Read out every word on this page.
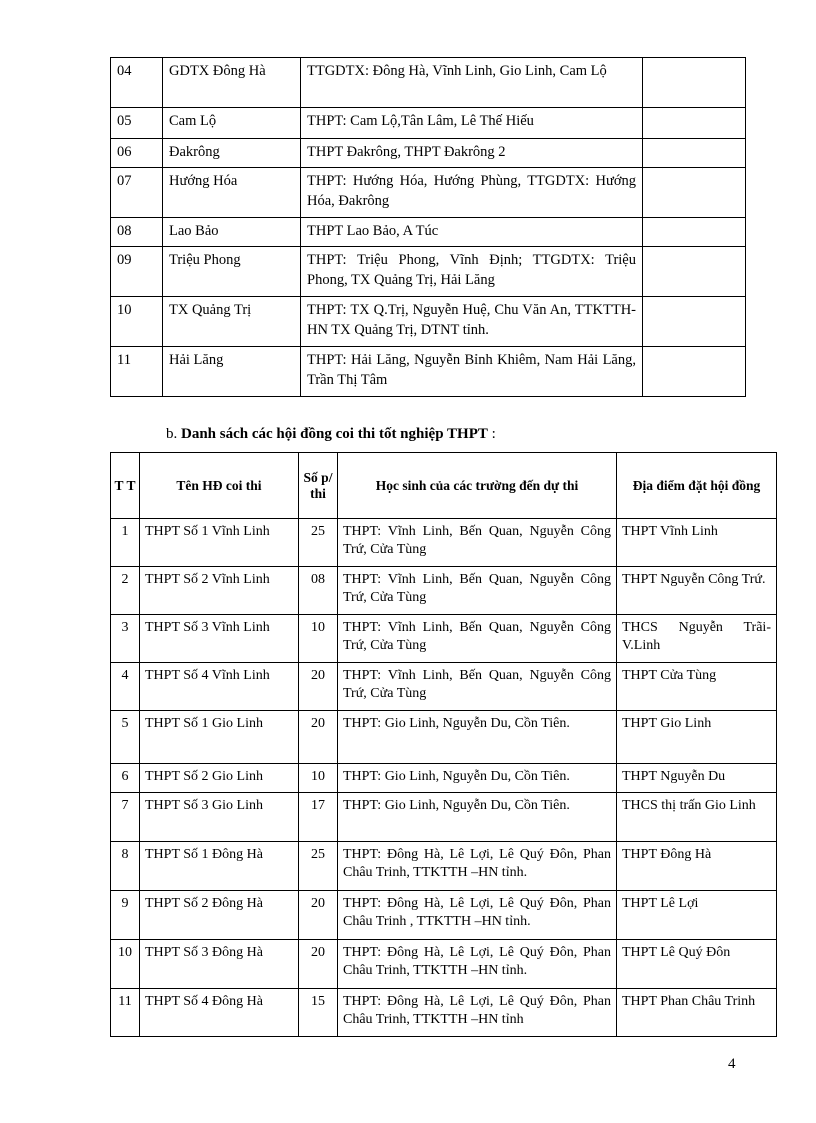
04	GDTX Đông Hà	TTGDTX: Đông Hà, Vĩnh Linh, Gio Linh, Cam Lộ	
05	Cam Lộ	THPT: Cam Lộ,Tân Lâm, Lê Thế Hiếu	
06	Đakrông	THPT Đakrông, THPT Đakrông 2	
07	Hướng Hóa	THPT: Hướng Hóa, Hướng Phùng, TTGDTX: Hướng Hóa, Đakrông	
08	Lao Bảo	THPT Lao Bảo, A Túc	
09	Triệu Phong	THPT: Triệu Phong, Vĩnh Định; TTGDTX: Triệu Phong, TX Quảng Trị, Hải Lăng	
10	TX Quảng Trị	THPT: TX Q.Trị, Nguyễn Huệ, Chu Văn An, TTKTTH-HN TX Quảng Trị, DTNT tỉnh.	
11	Hải Lăng	THPT: Hải Lăng, Nguyễn Bỉnh Khiêm, Nam Hải Lăng, Trần Thị Tâm	
b. Danh sách các hội đồng coi thi tốt nghiệp THPT :
T T	Tên HĐ coi thi	Số p/ thi	Học sinh của các trường đến dự thi	Địa điểm đặt hội đồng
1	THPT Số 1 Vĩnh Linh	25	THPT: Vĩnh Linh, Bến Quan, Nguyễn Công Trứ, Cửa Tùng	THPT Vĩnh Linh
2	THPT Số 2 Vĩnh Linh	08	THPT: Vĩnh Linh, Bến Quan, Nguyễn Công Trứ, Cửa Tùng	THPT Nguyễn Công Trứ.
3	THPT Số 3 Vĩnh Linh	10	THPT: Vĩnh Linh, Bến Quan, Nguyễn Công Trứ, Cửa Tùng	THCS Nguyễn Trãi-V.Linh
4	THPT Số 4 Vĩnh Linh	20	THPT: Vĩnh Linh, Bến Quan, Nguyễn Công Trứ, Cửa Tùng	THPT Cửa Tùng
5	THPT Số 1 Gio Linh	20	THPT: Gio Linh, Nguyễn Du, Cồn Tiên.	THPT Gio Linh
6	THPT Số 2 Gio Linh	10	THPT: Gio Linh, Nguyễn Du, Cồn Tiên.	THPT Nguyễn Du
7	THPT Số 3 Gio Linh	17	THPT: Gio Linh, Nguyễn Du, Cồn Tiên.	THCS thị trấn Gio Linh
8	THPT Số 1 Đông Hà	25	THPT: Đông Hà, Lê Lợi, Lê Quý Đôn, Phan Châu Trinh, TTKTTH –HN tỉnh.	THPT Đông Hà
9	THPT Số 2 Đông Hà	20	THPT: Đông Hà, Lê Lợi, Lê Quý Đôn, Phan Châu Trinh , TTKTTH –HN tỉnh.	THPT Lê Lợi
10	THPT Số 3 Đông Hà	20	THPT: Đông Hà, Lê Lợi, Lê Quý Đôn, Phan Châu Trinh, TTKTTH –HN tỉnh.	THPT Lê Quý Đôn
11	THPT Số 4 Đông Hà	15	THPT: Đông Hà, Lê Lợi, Lê Quý Đôn, Phan Châu Trinh, TTKTTH –HN tỉnh	THPT Phan Châu Trinh
4
